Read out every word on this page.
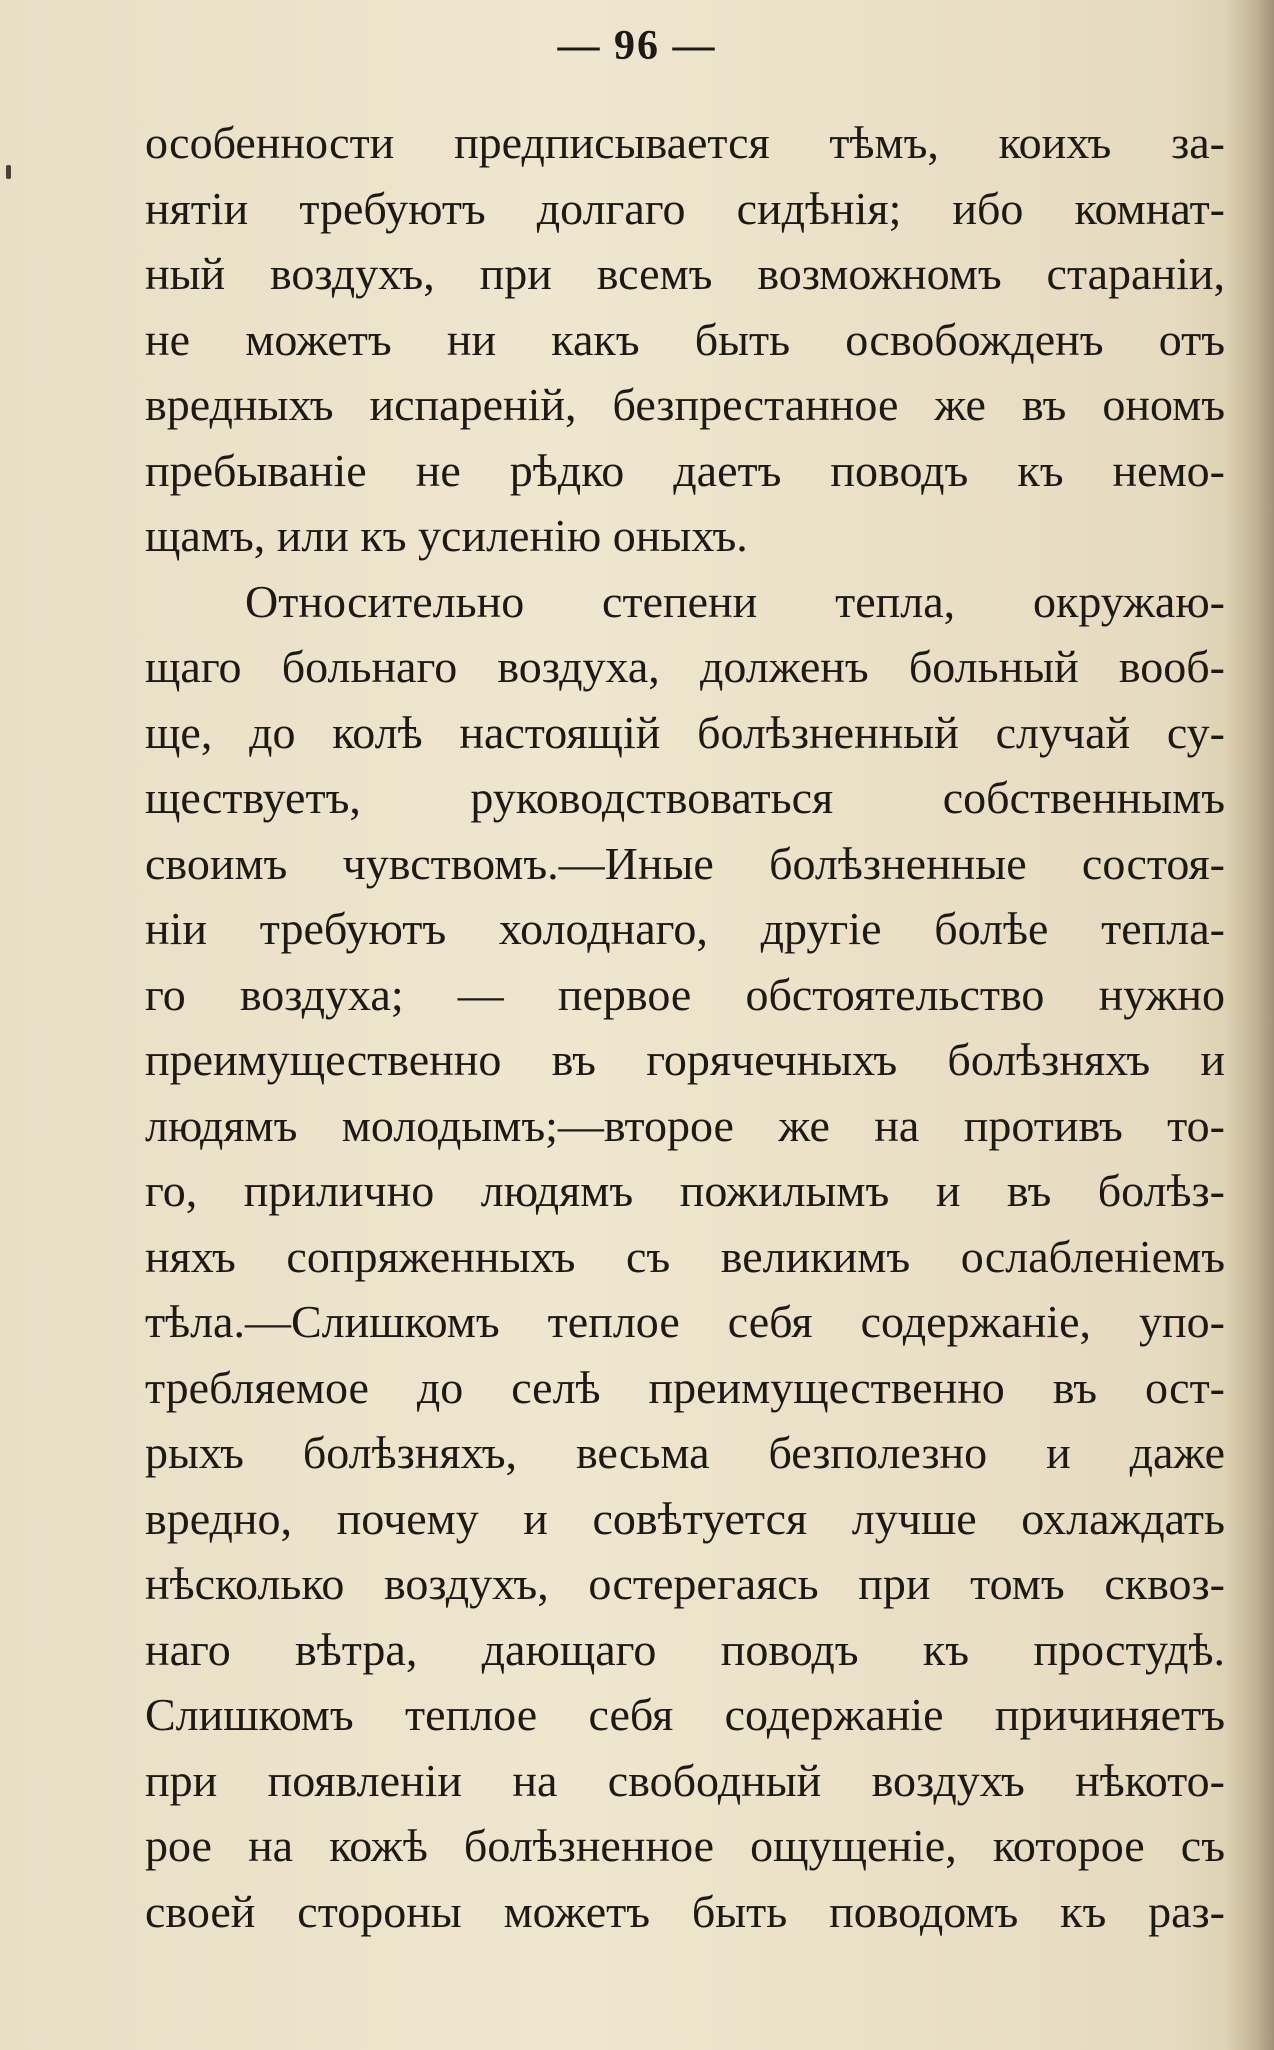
— 96 —
особенности предписывается тѣмъ, коихъ за-
нятіи требуютъ долгаго сидѣнія; ибо комнат-
ный воздухъ, при всемъ возможномъ стараніи,
не можетъ ни какъ быть освобожденъ отъ
вредныхъ испареній, безпрестанное же въ ономъ
пребываніе не рѣдко даетъ поводъ къ немо-
щамъ, или къ усиленію оныхъ.
Относительно степени тепла, окружаю-
щаго больнаго воздуха, долженъ больный вооб-
ще, до колѣ настоящій болѣзненный случай су-
ществуетъ, руководствоваться собственнымъ
своимъ чувствомъ.—Иные болѣзненные состоя-
ніи требуютъ холоднаго, другіе болѣе тепла-
го воздуха; — первое обстоятельство нужно
преимущественно въ горячечныхъ болѣзняхъ и
людямъ молодымъ;—второе же на противъ то-
го, прилично людямъ пожилымъ и въ болѣз-
няхъ сопряженныхъ съ великимъ ослабленіемъ
тѣла.—Слишкомъ теплое себя содержаніе, упо-
требляемое до селѣ преимущественно въ ост-
рыхъ болѣзняхъ, весьма безполезно и даже
вредно, почему и совѣтуется лучше охлаждать
нѣсколько воздухъ, остерегаясь при томъ сквоз-
наго вѣтра, дающаго поводъ къ простудѣ.
Слишкомъ теплое себя содержаніе причиняетъ
при появленіи на свободный воздухъ нѣкото-
рое на кожѣ болѣзненное ощущеніе, которое съ
своей стороны можетъ быть поводомъ къ раз-
